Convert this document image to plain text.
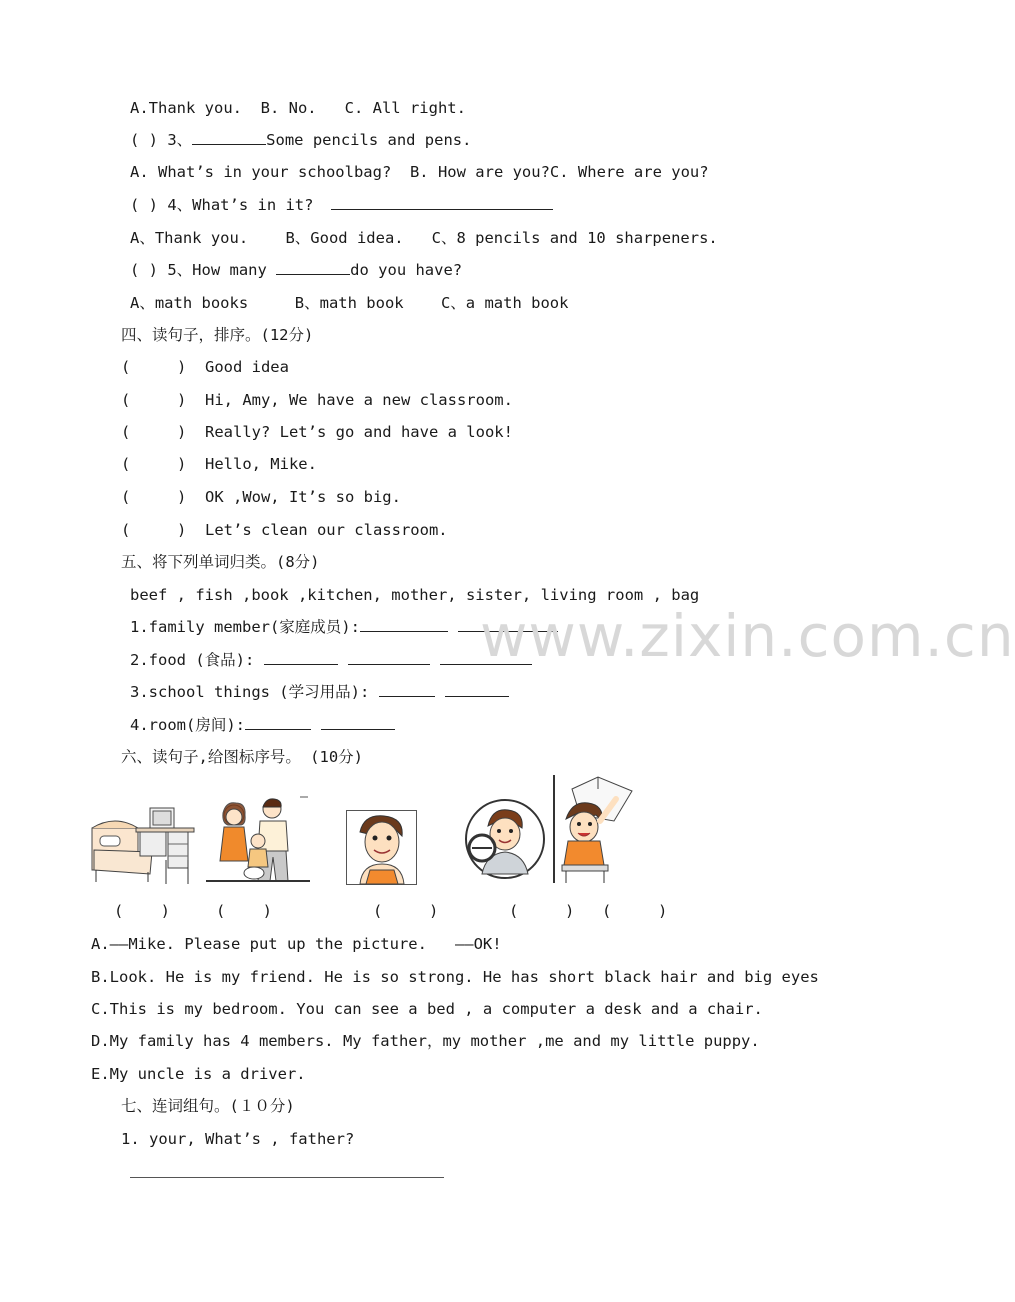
A.Thank you.  B. No.   C. All right.
( ) 3、	Some pencils and pens.
A. What’s in your schoolbag?  B. How are you?C. Where are you?
( ) 4、What’s in it?
A、Thank you.    B、Good idea.   C、8 pencils and 10 sharpeners.
( ) 5、How many	do you have?
A、math books     B、math book    C、a math book
四、读句子，排序。(12分)
(     )  Good idea
(     )  Hi, Amy, We have a new classroom.
(     )  Really? Let’s go and have a look!
(     )  Hello, Mike.
(     )  OK ,Wow, It’s so big.
(     )  Let’s clean our classroom.
五、将下列单词归类。(8分)
beef , fish ,book ,kitchen, mother, sister, living room , bag
1.family member(家庭成员):
2.food (食品):
3.school things (学习用品):
4.room(房间):
www.zixin.com.cn
六、读句子,给图标序号。 (10分)
(    )	(    )	(     )	(     ) (     )
A.——Mike. Please put up the picture.   ——OK!
B.Look. He is my friend. He is so strong. He has short black hair and big eyes
C.This is my bedroom. You can see a bed , a computer a desk and a chair.
D.My family has 4 members. My father，my mother ,me and my little puppy.
E.My uncle is a driver.
七、连词组句。(１０分)
1. your, What’s , father?
